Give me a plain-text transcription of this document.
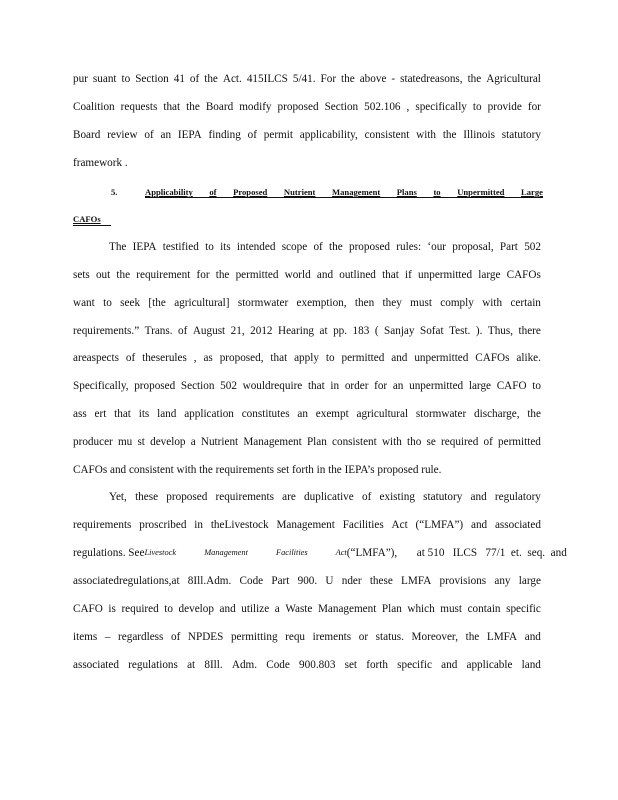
pur suant to Section 41 of the Act. 415ILCS 5/41. For the above - statedreasons, the Agricultural
Coalition requests that the Board modify proposed Section 502.106 , specifically to provide for
Board review of an IEPA finding of permit applicability, consistent with the Illinois statutory
framework .
5.	Applicability of Proposed Nutrient Management Plans to Unpermitted Large
CAFOs
The IEPA testified to its intended scope of the proposed rules: ‘our proposal, Part 502
sets out the requirement for the permitted world and outlined that if unpermitted large CAFOs
want to seek [the agricultural] stormwater exemption, then they must comply with certain
requirements.” Trans. of August 21, 2012 Hearing at pp. 183 ( Sanjay Sofat Test. ). Thus, there
areaspects of theserules , as proposed, that apply to permitted and unpermitted CAFOs alike.
Specifically, proposed Section 502 wouldrequire that in order for an unpermitted large CAFO to
ass ert that its land application constitutes an exempt agricultural stormwater discharge, the
producer mu st develop a Nutrient Management Plan consistent with tho se required of permitted
CAFOs and consistent with the requirements set forth in the IEPA’s proposed rule.
Yet, these proposed requirements are duplicative of existing statutory and regulatory
requirements proscribed in theLivestock Management Facilities Act (“LMFA”) and associated
regulations. See Livestock Management Facilities Act (“LMFA”),       at 510   ILCS   77/1  et.  seq.  and
associatedregulations,at 8Ill.Adm. Code Part 900. U nder these LMFA provisions any large
CAFO is required to develop and utilize a Waste Management Plan which must contain specific
items – regardless of NPDES permitting requ irements or status. Moreover, the LMFA and
associated regulations at 8Ill. Adm. Code 900.803 set forth specific and applicable land
